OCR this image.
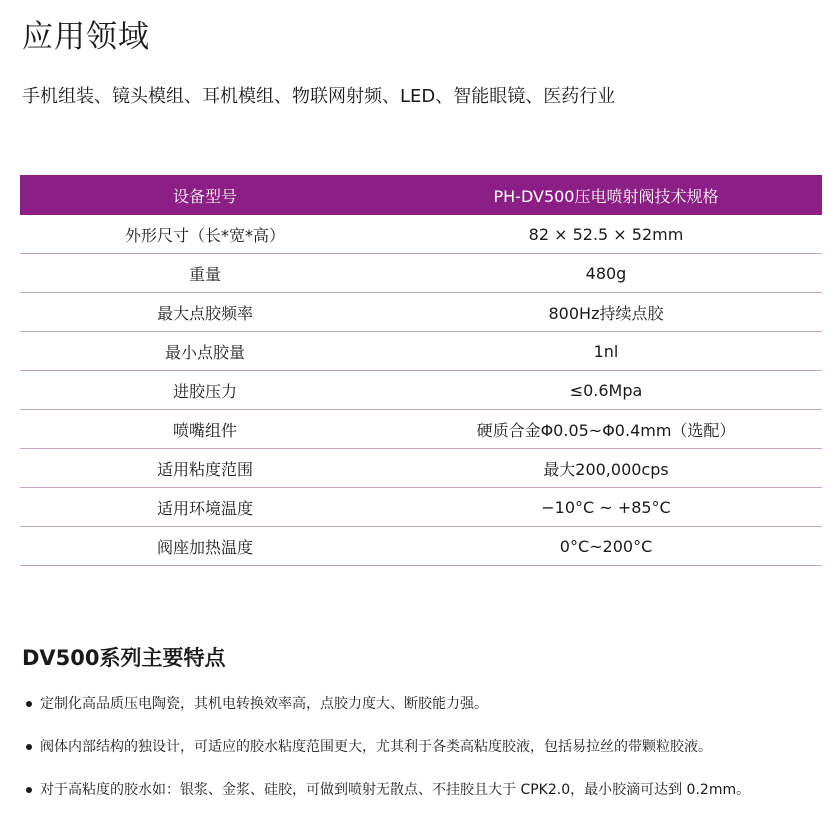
应用领域
手机组装、镜头模组、耳机模组、物联网射频、LED、智能眼镜、医药行业
设备型号	PH-DV500压电喷射阀技术规格
外形尺寸（长*宽*高）	82 × 52.5 × 52mm
重量	480g
最大点胶频率	800Hz持续点胶
最小点胶量	1nl
进胶压力	≤0.6Mpa
喷嘴组件	硬质合金Φ0.05~Φ0.4mm（选配）
适用粘度范围	最大200,000cps
适用环境温度	−10°C ~ +85°C
阀座加热温度	0°C~200°C
DV500系列主要特点
定制化高品质压电陶瓷，其机电转换效率高，点胶力度大、断胶能力强。
阀体内部结构的独设计，可适应的胶水粘度范围更大，尤其利于各类高粘度胶液，包括易拉丝的带颗粒胶液。
对于高粘度的胶水如：银浆、金浆、硅胶，可做到喷射无散点、不挂胶且大于 CPK2.0，最小胶滴可达到 0.2mm。
